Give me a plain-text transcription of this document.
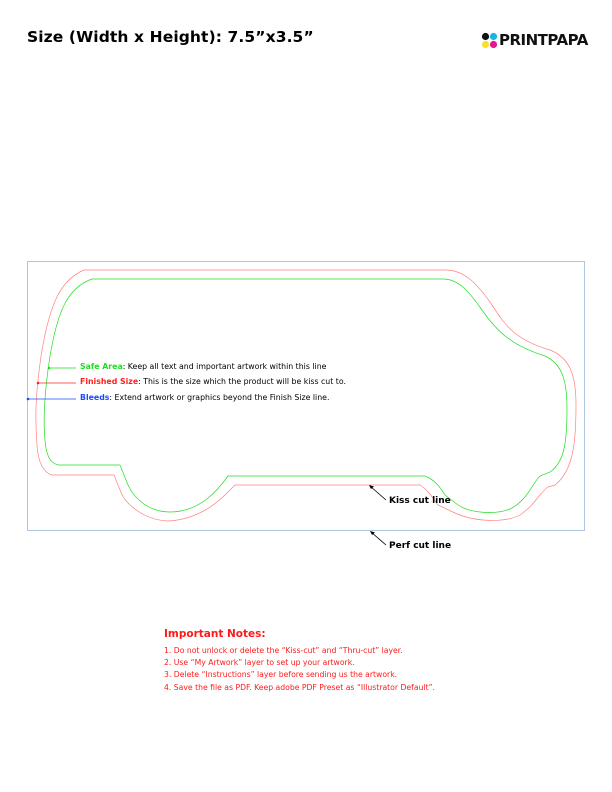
Size (Width x Height): 7.5”x3.5”	PRINTPAPA
Safe Area: Keep all text and important artwork within this line
Finished Size: This is the size which the product will be kiss cut to.
Bleeds: Extend artwork or graphics beyond the Finish Size line.
Kiss cut line
Perf cut line
Important Notes:
1. Do not unlock or delete the “Kiss-cut” and “Thru-cut” layer.
2. Use “My Artwork” layer to set up your artwork.
3. Delete “Instructions” layer before sending us the artwork.
4. Save the file as PDF. Keep adobe PDF Preset as “Illustrator Default”.
